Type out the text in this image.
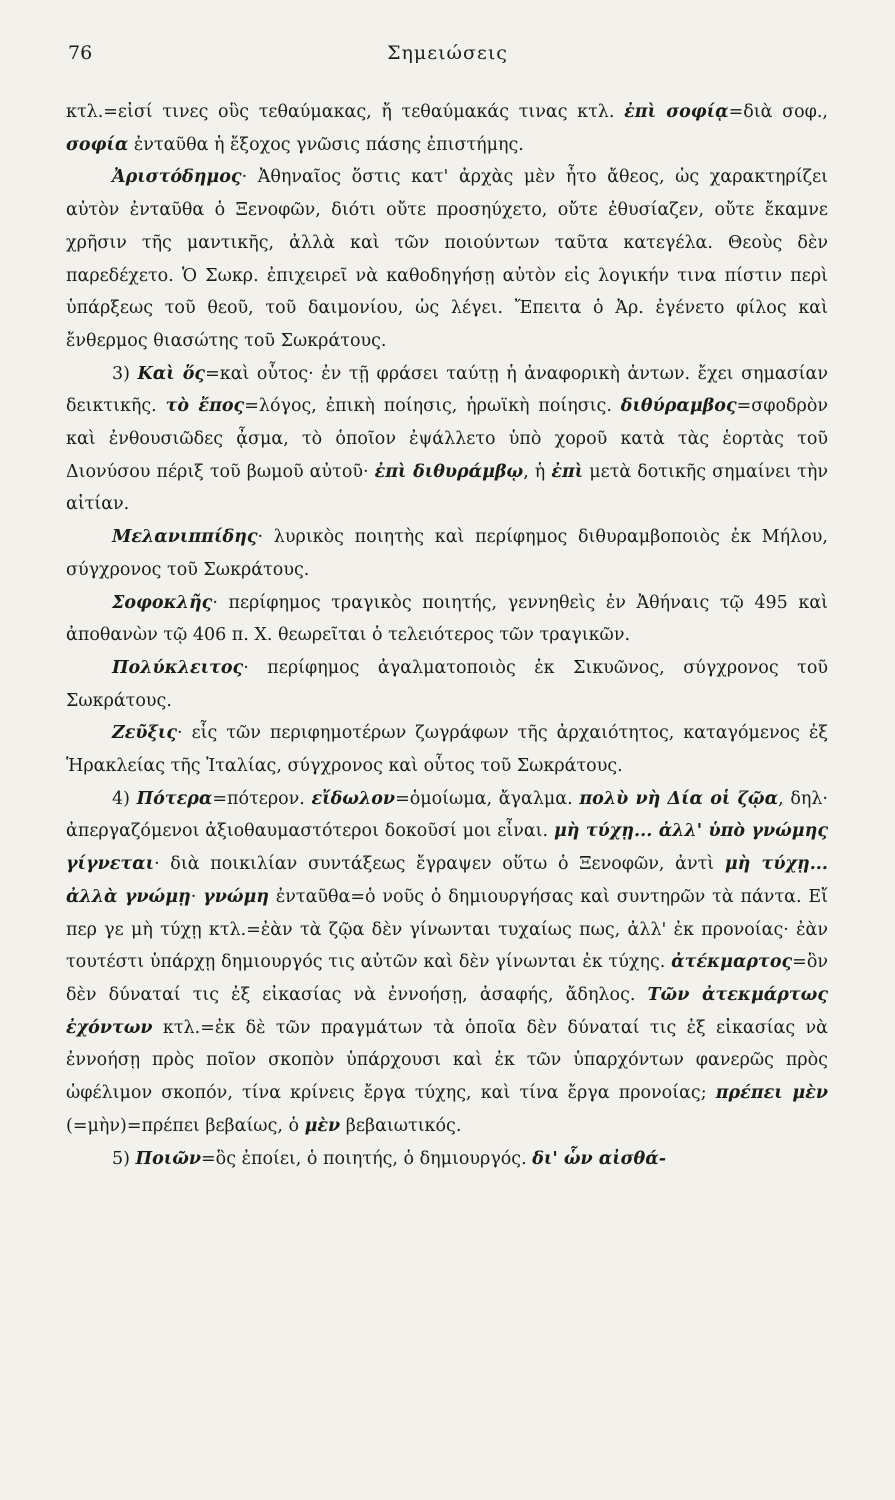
76	Σημειώσεις

κτλ.=εἰσί τινες οὓς τεθαύμακας, ἤ τεθαύμακάς τινας κτλ. ἐπὶ σοφίᾳ=διὰ σοφ., σοφία ἐνταῦθα ἡ ἔξοχος γνῶσις πάσης ἐπιστήμης.

Ἀριστόδημος· Ἀθηναῖος ὅστις κατ' ἀρχὰς μὲν ἦτο ἄθεος, ὡς χαρακτηρίζει αὐτὸν ἐνταῦθα ὁ Ξενοφῶν, διότι οὔτε προσηύχετο, οὔτε ἐθυσίαζεν, οὔτε ἔκαμνε χρῆσιν τῆς μαντικῆς, ἀλλὰ καὶ τῶν ποιούντων ταῦτα κατεγέλα. Θεοὺς δὲν παρεδέχετο. Ὁ Σωκρ. ἐπιχειρεῖ νὰ καθοδηγήσῃ αὐτὸν εἰς λογικήν τινα πίστιν περὶ ὑπάρξεως τοῦ θεοῦ, τοῦ δαιμονίου, ὡς λέγει. Ἔπειτα ὁ Ἀρ. ἐγένετο φίλος καὶ ἔνθερμος θιασώτης τοῦ Σωκράτους.

3) Καὶ ὅς=καὶ οὗτος· ἐν τῇ φράσει ταύτῃ ἡ ἀναφορικὴ ἀντων. ἔχει σημασίαν δεικτικῆς. τὸ ἔπος=λόγος, ἐπικὴ ποίησις, ἡρωϊκὴ ποίησις. διθύραμβος=σφοδρὸν καὶ ἐνθουσιῶδες ᾆσμα, τὸ ὁποῖον ἐψάλλετο ὑπὸ χοροῦ κατὰ τὰς ἑορτὰς τοῦ Διονύσου πέριξ τοῦ βωμοῦ αὐτοῦ· ἐπὶ διθυράμβῳ, ἡ ἐπὶ μετὰ δοτικῆς σημαίνει τὴν αἰτίαν.

Μελανιππίδης· λυρικὸς ποιητὴς καὶ περίφημος διθυραμβοποιὸς ἐκ Μήλου, σύγχρονος τοῦ Σωκράτους.

Σοφοκλῆς· περίφημος τραγικὸς ποιητής, γεννηθεὶς ἐν Ἀθήναις τῷ 495 καὶ ἀποθανὼν τῷ 406 π. Χ. θεωρεῖται ὁ τελειότερος τῶν τραγικῶν.

Πολύκλειτος· περίφημος ἀγαλματοποιὸς ἐκ Σικυῶνος, σύγχρονος τοῦ Σωκράτους.

Ζεῦξις· εἷς τῶν περιφημοτέρων ζωγράφων τῆς ἀρχαιότητος, καταγόμενος ἐξ Ἡρακλείας τῆς Ἰταλίας, σύγχρονος καὶ οὗτος τοῦ Σωκράτους.

4) Πότερα=πότερον. εἴδωλον=ὁμοίωμα, ἄγαλμα. πολὺ νὴ Δία οἱ ζῷα, δηλ· ἀπεργαζόμενοι ἀξιοθαυμαστότεροι δοκοῦσί μοι εἶναι. μὴ τύχῃ... ἀλλ' ὑπὸ γνώμης γίγνεται· διὰ ποικιλίαν συντάξεως ἔγραψεν οὕτω ὁ Ξενοφῶν, ἀντὶ μὴ τύχῃ... ἀλλὰ γνώμῃ· γνώμη ἐνταῦθα=ὁ νοῦς ὁ δημιουργήσας καὶ συντηρῶν τὰ πάντα. Εἴ περ γε μὴ τύχῃ κτλ.=ἐὰν τὰ ζῷα δὲν γίνωνται τυχαίως πως, ἀλλ' ἐκ προνοίας· ἐὰν τουτέστι ὑπάρχῃ δημιουργός τις αὐτῶν καὶ δὲν γίνωνται ἐκ τύχης. ἀτέκμαρτος=ὃν δὲν δύναταί τις ἐξ εἰκασίας νὰ ἐννοήσῃ, ἀσαφής, ἄδηλος. Τῶν ἀτεκμάρτως ἐχόντων κτλ.=ἐκ δὲ τῶν πραγμάτων τὰ ὁποῖα δὲν δύναταί τις ἐξ εἰκασίας νὰ ἐννοήσῃ πρὸς ποῖον σκοπὸν ὑπάρχουσι καὶ ἐκ τῶν ὑπαρχόντων φανερῶς πρὸς ὠφέλιμον σκοπόν, τίνα κρίνεις ἔργα τύχης, καὶ τίνα ἔργα προνοίας; πρέπει μὲν (=μὴν)=πρέπει βεβαίως, ὁ μὲν βεβαιωτικός.

5) Ποιῶν=ὃς ἐποίει, ὁ ποιητής, ὁ δημιουργός. δι' ὧν αἰσθά-
